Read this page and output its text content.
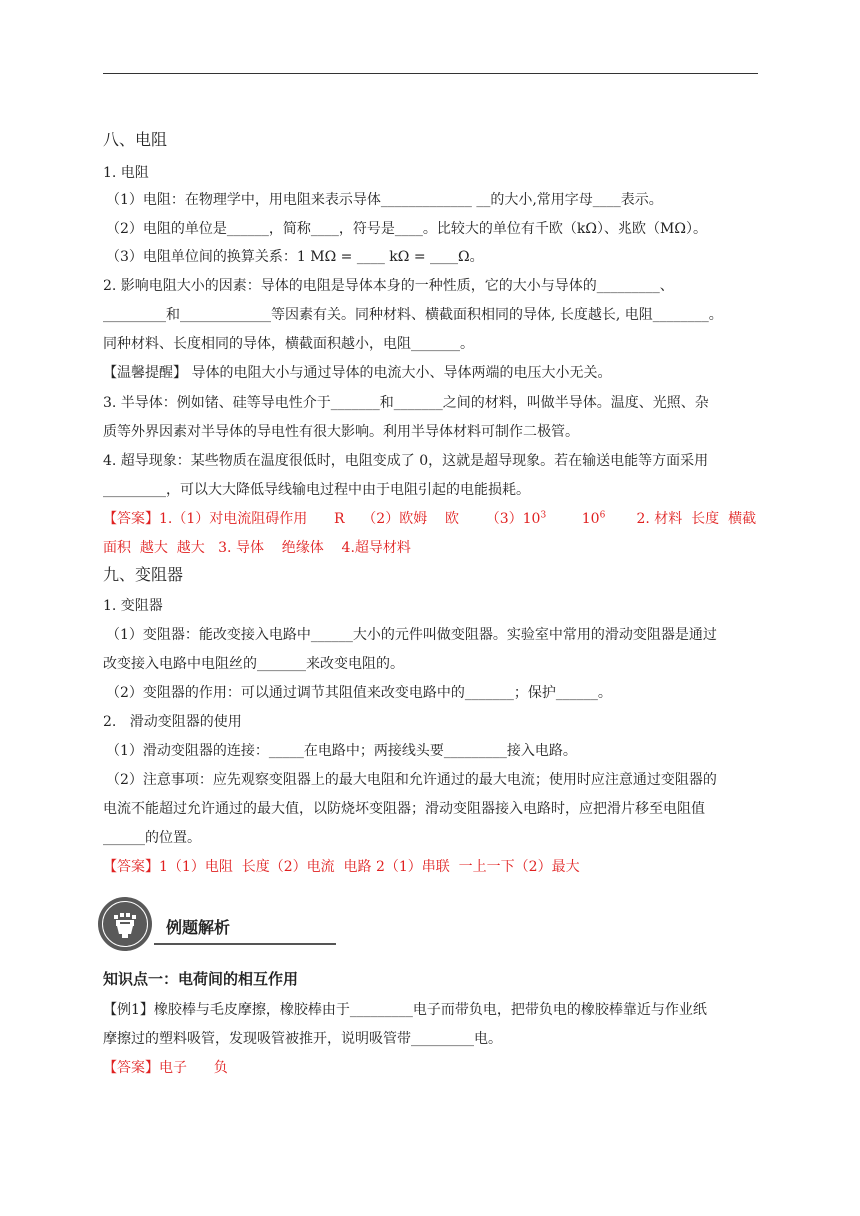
八、电阻
1. 电阻
（1）电阻：在物理学中，用电阻来表示导体_____________ __的大小,常用字母____表示。
（2）电阻的单位是______，简称____，符号是____。比较大的单位有千欧（kΩ）、兆欧（MΩ）。
（3）电阻单位间的换算关系：1 MΩ = ____ kΩ = ____Ω。
2. 影响电阻大小的因素：导体的电阻是导体本身的一种性质，它的大小与导体的_________、
_________和_____________等因素有关。同种材料、横截面积相同的导体, 长度越长, 电阻________。
同种材料、长度相同的导体，横截面积越小，电阻_______。
【温馨提醒】 导体的电阻大小与通过导体的电流大小、导体两端的电压大小无关。
3. 半导体：例如锗、硅等导电性介于_______和_______之间的材料，叫做半导体。温度、光照、杂
质等外界因素对半导体的导电性有很大影响。利用半导体材料可制作二极管。
4. 超导现象：某些物质在温度很低时，电阻变成了 0，这就是超导现象。若在输送电能等方面采用
_________，可以大大降低导线输电过程中由于电阻引起的电能损耗。
【答案】1.（1）对电流阻碍作用      R    （2）欧姆    欧      $(3)10^3$        $10^6$       2. 材料  长度  横截
面积  越大  越大   3. 导体    绝缘体    4.超导材料
九、变阻器
1. 变阻器
（1）变阻器：能改变接入电路中______大小的元件叫做变阻器。实验室中常用的滑动变阻器是通过
改变接入电路中电阻丝的_______来改变电阻的。
（2）变阻器的作用：可以通过调节其阻值来改变电路中的_______；保护______。
2.   滑动变阻器的使用
（1）滑动变阻器的连接：_____在电路中；两接线头要_________接入电路。
（2）注意事项：应先观察变阻器上的最大电阻和允许通过的最大电流；使用时应注意通过变阻器的
电流不能超过允许通过的最大值，以防烧坏变阻器；滑动变阻器接入电路时，应把滑片移至电阻值
______的位置。
【答案】1（1）电阻  长度（2）电流  电路 2（1）串联  一上一下（2）最大
例题解析
知识点一：电荷间的相互作用
【例1】橡胶棒与毛皮摩擦，橡胶棒由于_________电子而带负电，把带负电的橡胶棒靠近与作业纸
摩擦过的塑料吸管，发现吸管被推开，说明吸管带_________电。
【答案】电子      负
